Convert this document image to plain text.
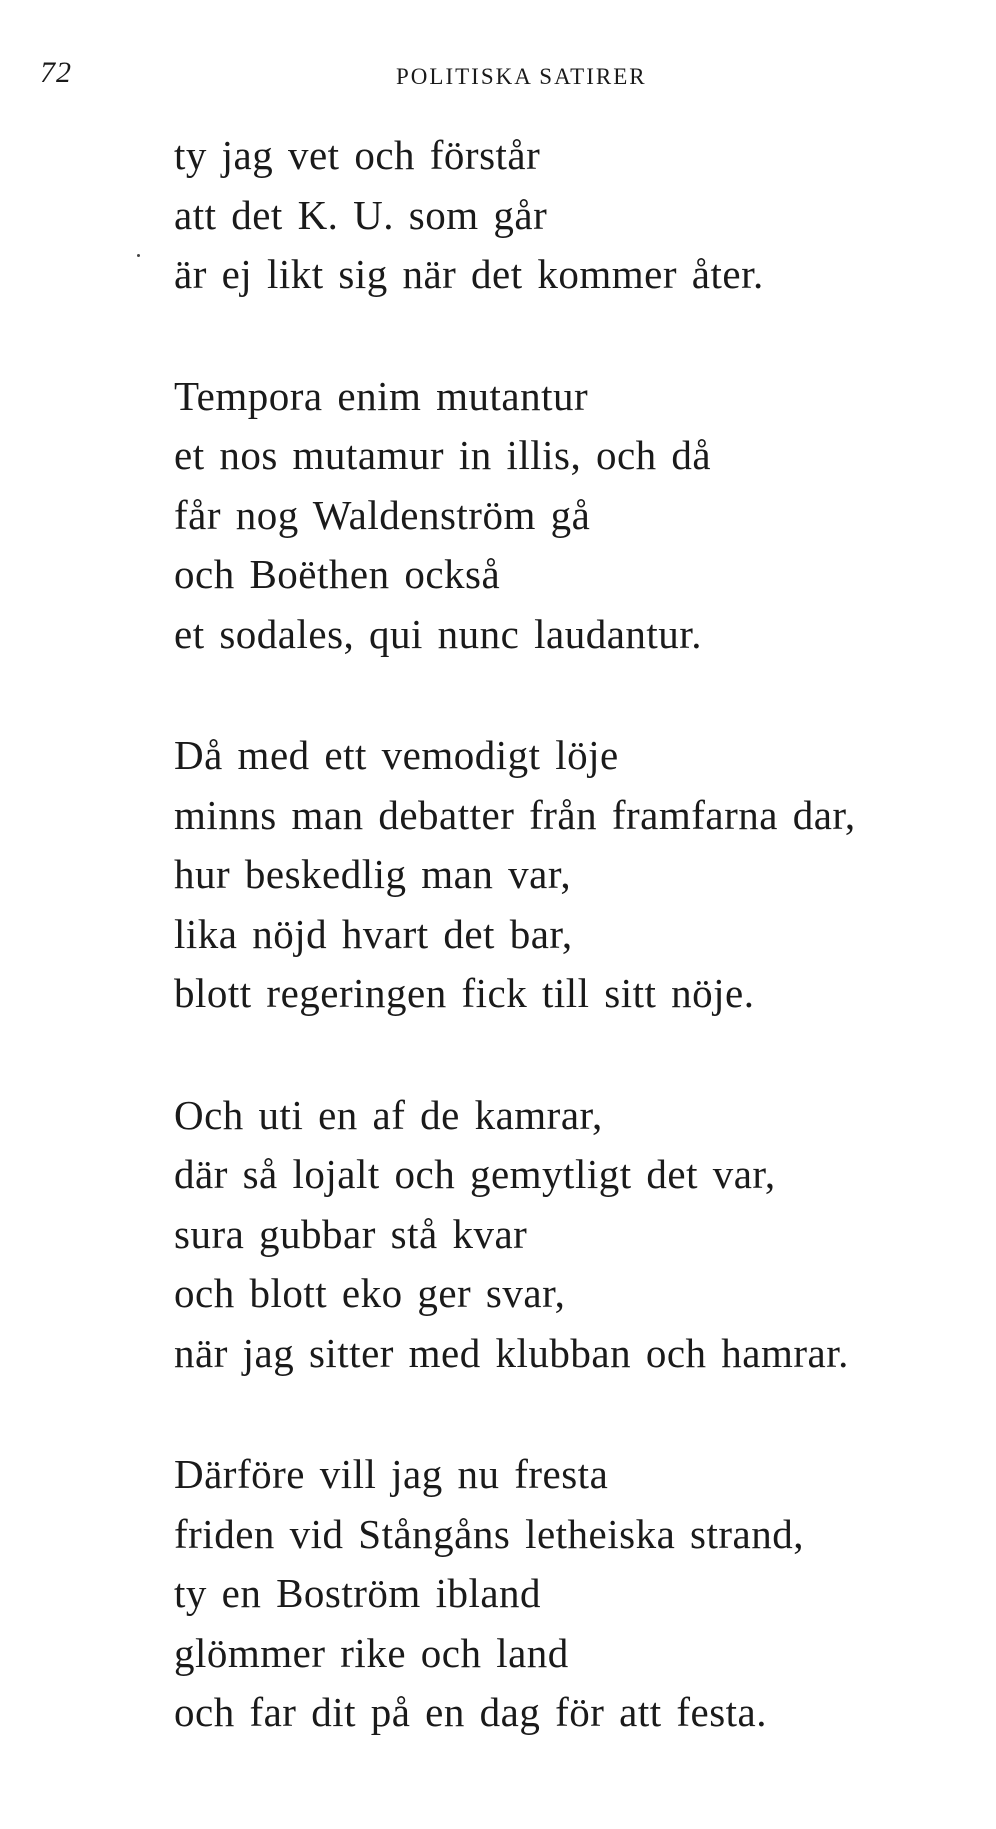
72	POLITISKA SATIRER
ty jag vet och förstår
att det K. U. som går
är ej likt sig när det kommer åter.
Tempora enim mutantur
et nos mutamur in illis, och då
får nog Waldenström gå
och Boëthen också
et sodales, qui nunc laudantur.
Då med ett vemodigt löje
minns man debatter från framfarna dar,
hur beskedlig man var,
lika nöjd hvart det bar,
blott regeringen fick till sitt nöje.
Och uti en af de kamrar,
där så lojalt och gemytligt det var,
sura gubbar stå kvar
och blott eko ger svar,
när jag sitter med klubban och hamrar.
Därföre vill jag nu fresta
friden vid Stångåns letheiska strand,
ty en Boström ibland
glömmer rike och land
och far dit på en dag för att festa.
